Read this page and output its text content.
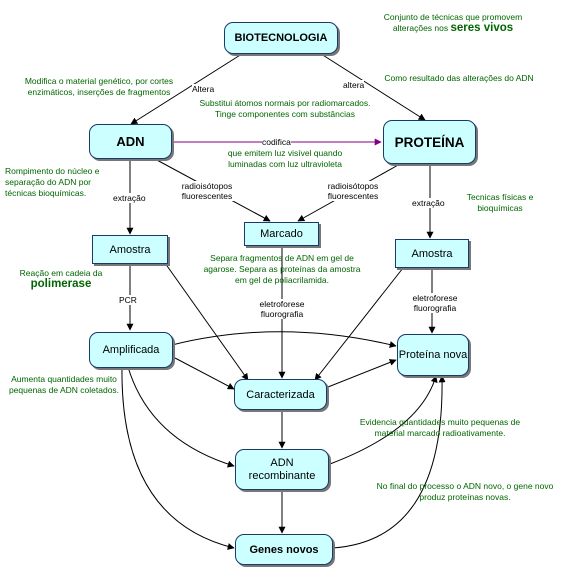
BIOTECNOLOGIA
ADN	PROTEÍNA
Marcado
Amostra	Amostra
Amplificada	Proteína nova
Caracterizada
ADN recombinante
Genes novos
Altera	altera
codifica
extração	extração
radioisótopos fluorescentes
radioisótopos fluorescentes
PCR	eletroforese fluorografia
eletroforese fluorografia
Conjunto de técnicas que promovem alterações nos seres vivos
Modifica o material genético, por cortes enzimáticos, inserções de fragmentos
Como resultado das alterações do ADN
Substitui átomos normais por radiomarcados. Tinge componentes com substâncias
que emitem luz visível quando luminadas com luz ultravioleta
Rompimento do núcleo e separação do ADN por técnicas bioquímicas.	Tecnicas físicas e bioquímicas
Reação em cadeia da
polimerase
Separa fragmentos de ADN em gel de agarose. Separa as proteínas da amostra em gel de poliacrilamida.
Aumenta quantidades muito pequenas de ADN coletados.
Evidencia quantidades muito pequenas de material marcado radioativamente.
No final do processo o ADN novo, o gene novo produz proteínas novas.
